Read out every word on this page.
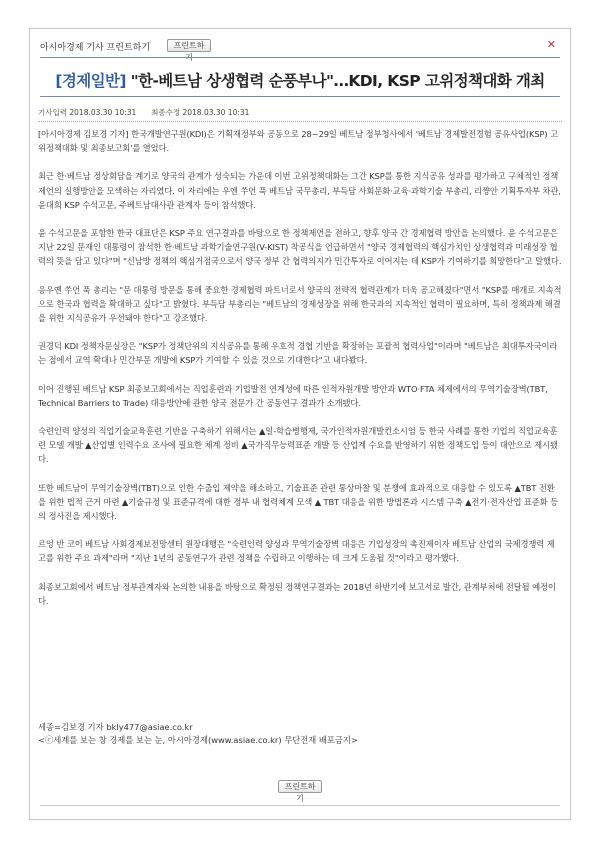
아시아경제 기사 프린트하기	프린트하기
✕
[경제일반] "한-베트남 상생협력 순풍부나"…KDI, KSP 고위정책대화 개최
기사입력 2018.03.30 10:31 최종수정 2018.03.30 10:31

[아시아경제 김보경 기자] 한국개발연구원(KDI)은 기획재정부와 공동으로 28~29일 베트남 정부청사에서 '베트남 경제발전경험 공유사업(KSP) 고위정책대화 및 최종보고회'를 열었다.

최근 한·베트남 정상회담을 계기로 양국의 관계가 성숙되는 가운데 이번 고위정책대화는 그간 KSP를 통한 지식공유 성과를 평가하고 구체적인 정책제언의 실행방안을 모색하는 자리였다. 이 자리에는 우엔 쑤언 푹 베트남 국무총리, 부득담 사회문화·교육·과학기술 부총리, 리쨩안 기획투자부 차관, 윤대희 KSP 수석고문, 주베트남대사관 관계자 등이 참석했다.

윤 수석고문을 포함한 한국 대표단은 KSP 주요 연구결과를 바탕으로 한 정책제언을 전하고, 향후 양국 간 경제협력 방안을 논의했다. 윤 수석고문은 지난 22일 문재인 대통령이 참석한 한·베트남 과학기술연구원(V-KIST) 착공식을 언급하면서 "양국 경제협력의 핵심가치인 상생협력과 미래성장 협력의 뜻을 담고 있다"며 "신남방 정책의 핵심거점국으로서 양국 정부 간 협력의지가 민간투자로 이어지는 데 KSP가 기여하기를 희망한다"고 말했다.

응우옌 쑤언 푹 총리는 "문 대통령 방문을 통해 중요한 경제협력 파트너로서 양국의 전략적 협력관계가 더욱 공고해졌다"면서 "KSP를 매개로 지속적으로 한국과 협력을 확대하고 싶다"고 밝혔다. 부득담 부총리는 "베트남의 경제성장을 위해 한국과의 지속적인 협력이 필요하며, 특히 정책과제 해결을 위한 지식공유가 우선돼야 한다"고 강조했다.

권경덕 KDI 정책자문실장은 "KSP가 정책단위의 지식공유를 통해 우호적 경협 기반을 확장하는 포괄적 협력사업"이라며 "베트남은 최대투자국이라는 점에서 교역 확대나 민간부문 개발에 KSP가 기여할 수 있을 것으로 기대한다"고 내다봤다.

이어 진행된 베트남 KSP 최종보고회에서는 직업훈련과 기업발전 연계성에 따른 인적자원개발 방안과 WTO·FTA 체제에서의 무역기술장벽(TBT, Technical Barriers to Trade) 대응방안에 관한 양국 전문가 간 공동연구 결과가 소개됐다.

숙련인력 양성의 직업기술교육훈련 기반을 구축하기 위해서는 ▲일-학습병행제, 국가인적자원개발컨소시엄 등 한국 사례를 통한 기업의 직업교육훈련 모델 개발 ▲산업별 인력수요 조사에 필요한 체계 정비 ▲국가직무능력표준 개발 등 산업계 수요를 반영하기 위한 정책도입 등이 대안으로 제시됐다.

또한 베트남이 무역기술장벽(TBT)으로 인한 수출입 제약을 해소하고, 기술표준 관련 통상마찰 및 분쟁에 효과적으로 대응할 수 있도록 ▲TBT 전환을 위한 법적 근거 마련 ▲기술규정 및 표준규격에 대한 정부 내 협력체계 모색 ▲ TBT 대응을 위한 방법론과 시스템 구축 ▲전기·전자산업 표준화 등의 정사진을 제시했다.

르엉 반 코이 베트남 사회경제보전망센터 원장대행은 "숙련인력 양성과 무역기술장벽 대응은 기업성장의 촉진제이자 베트남 산업의 국제경쟁력 제고를 위한 주요 과제"라며 "지난 1년의 공동연구가 관련 정책을 수립하고 이행하는 데 크게 도움될 것"이라고 평가했다.

최종보고회에서 베트남 정부관계자와 논의한 내용을 바탕으로 확정된 정책연구결과는 2018년 하반기에 보고서로 발간, 관계부처에 전달될 예정이다.

세종=김보경 기자 bkly477@asiae.co.kr
<ⓒ세계를 보는 창 경제를 보는 눈, 아시아경제(www.asiae.co.kr) 무단전재 배포금지>
프린트하기
